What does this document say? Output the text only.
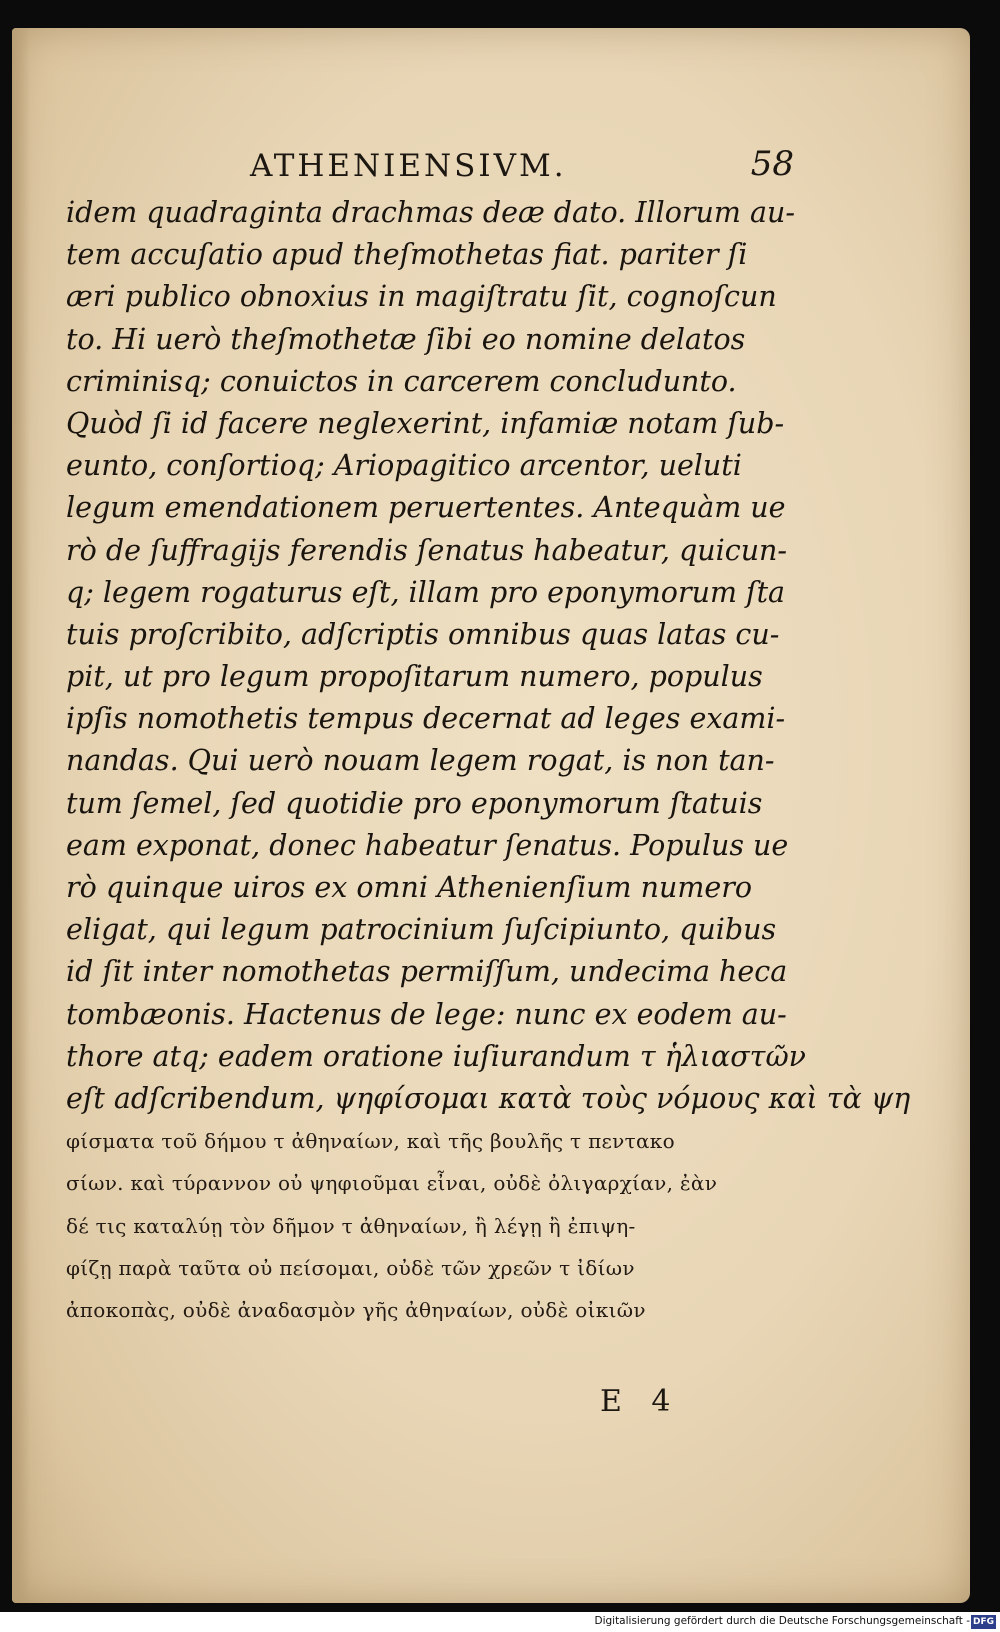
ATHENIENSIVM.	58
idem quadraginta drachmas deæ dato. Illorum au-
tem accuſatio apud theſmothetas fiat. pariter ſi
æri publico obnoxius in magiſtratu ſit, cognoſcun
to. Hi uerò theſmothetæ ſibi eo nomine delatos
criminisq; conuictos in carcerem concludunto.
Quòd ſi id facere neglexerint, infamiæ notam ſub-
eunto, conſortioq; Ariopagitico arcentor, ueluti
legum emendationem peruertentes. Antequàm ue
rò de ſuffragijs ferendis ſenatus habeatur, quicun-
q; legem rogaturus eſt, illam pro eponymorum ſta
tuis proſcribito, adſcriptis omnibus quas latas cu-
pit, ut pro legum propoſitarum numero, populus
ipſis nomothetis tempus decernat ad leges exami-
nandas. Qui uerò nouam legem rogat, is non tan-
tum ſemel, ſed quotidie pro eponymorum ſtatuis
eam exponat, donec habeatur ſenatus. Populus ue
rò quinque uiros ex omni Athenienſium numero
eligat, qui legum patrocinium ſuſcipiunto, quibus
id ſit inter nomothetas permiſſum, undecima heca
tombæonis. Hactenus de lege: nunc ex eodem au-
thore atq; eadem oratione iuſiurandum τ ἡλιαστῶν
eſt adſcribendum, ψηφίσομαι κατὰ τοὺς νόμους καὶ τὰ ψη
φίσματα τοῦ δήμου τ ἀθηναίων, καὶ τῆς βουλῆς τ πεντακο
σίων. καὶ τύραννον οὐ ψηφιοῦμαι εἶναι, οὐδὲ ὀλιγαρχίαν, ἐὰν
δέ τις καταλύῃ τὸν δῆμον τ ἀθηναίων, ἢ λέγῃ ἢ ἐπιψη-
φίζῃ παρὰ ταῦτα οὐ πείσομαι, οὐδὲ τῶν χρεῶν τ ἰδίων
ἀποκοπὰς, οὐδὲ ἀναδασμὸν γῆς ἀθηναίων, οὐδὲ οἰκιῶν
E 4
Digitalisierung gefördert durch die Deutsche Forschungsgemeinschaft - DFG
